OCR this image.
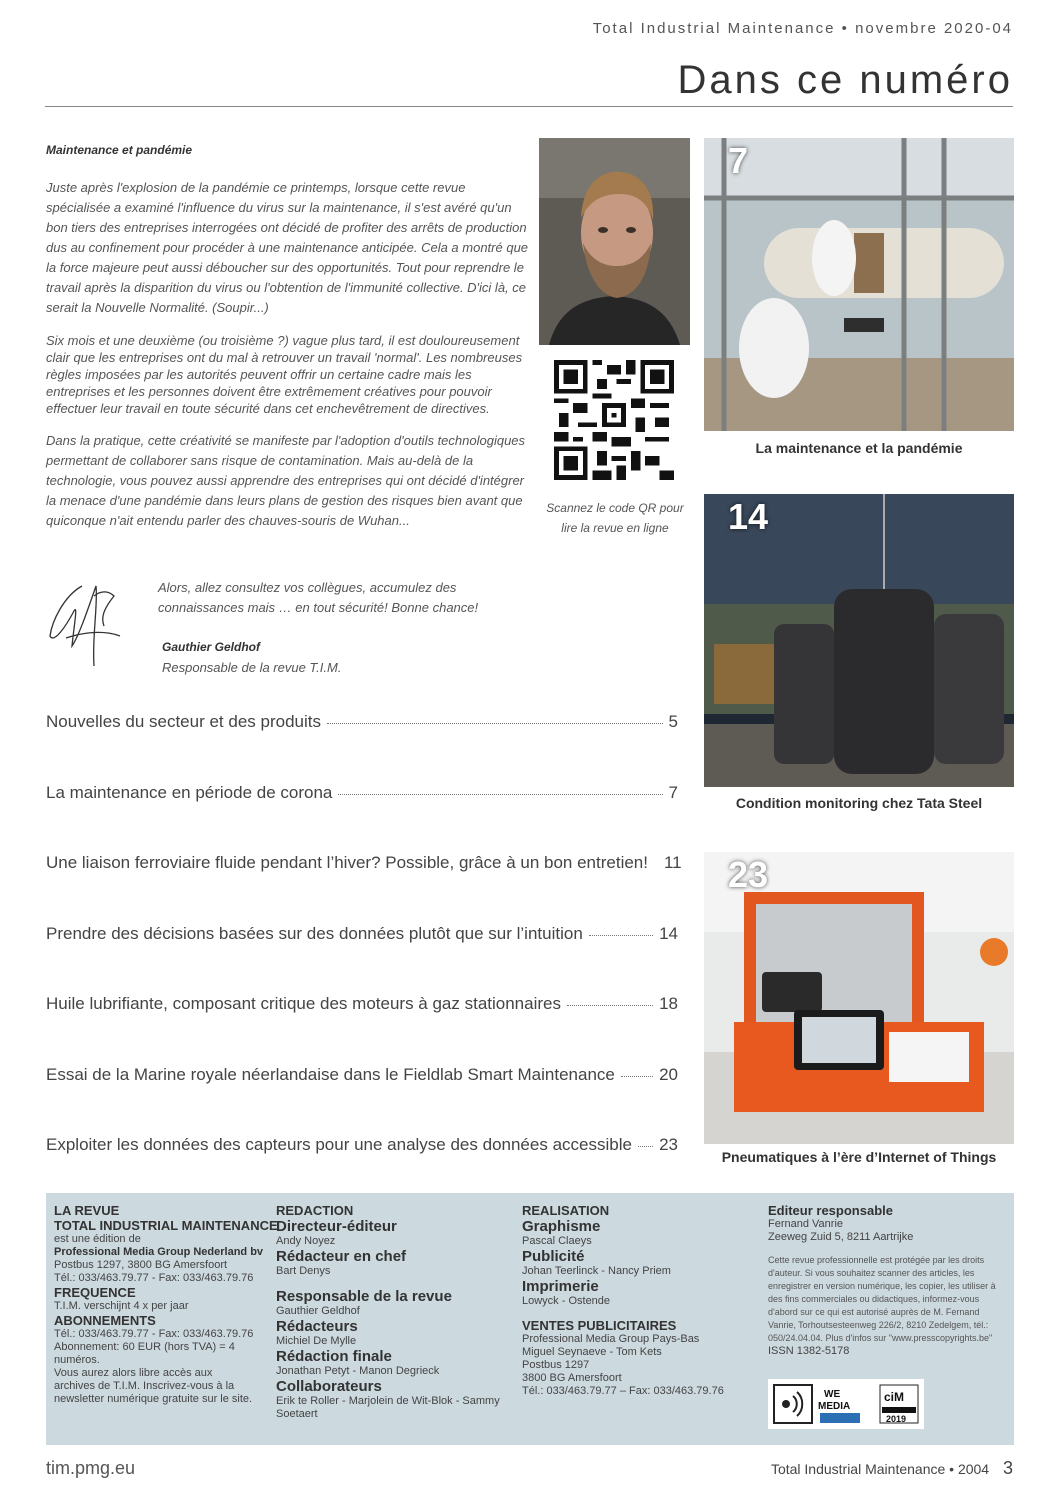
Total Industrial Maintenance • novembre 2020-04
Dans ce numéro
Maintenance et pandémie

Juste après l'explosion de la pandémie ce printemps, lorsque cette revue spécialisée a examiné l'influence du virus sur la maintenance, il s'est avéré qu'un bon tiers des entreprises interrogées ont décidé de profiter des arrêts de production dus au confinement pour procéder à une maintenance anticipée. Cela a montré que la force majeure peut aussi déboucher sur des opportunités. Tout pour reprendre le travail après la disparition du virus ou l'obtention de l'immunité collective. D'ici là, ce serait la Nouvelle Normalité. (Soupir...)

Six mois et une deuxième (ou troisième ?) vague plus tard, il est douloureusement clair que les entreprises ont du mal à retrouver un travail 'normal'. Les nombreuses règles imposées par les autorités peuvent offrir un certaine cadre mais les entreprises et les personnes doivent être extrêmement créatives pour pouvoir effectuer leur travail en toute sécurité dans cet enchevêtrement de directives.

Dans la pratique, cette créativité se manifeste par l'adoption d'outils technologiques permettant de collaborer sans risque de contamination. Mais au-delà de la technologie, vous pouvez aussi apprendre des entreprises qui ont décidé d'intégrer la menace d'une pandémie dans leurs plans de gestion des risques bien avant que quiconque n'ait entendu parler des chauves-souris de Wuhan...

Alors, allez consultez vos collègues, accumulez des connaissances mais … en tout sécurité! Bonne chance!
Gauthier Geldhof
Responsable de la revue T.I.M.
Scannez le code QR pour lire la revue en ligne
7
La maintenance et la pandémie
14
Condition monitoring chez Tata Steel
23
Pneumatiques à l’ère d’Internet of Things
Nouvelles du secteur et des produits	5
La maintenance en période de corona	7
Une liaison ferroviaire fluide pendant l’hiver? Possible, grâce à un bon entretien! 11
Prendre des décisions basées sur des données plutôt que sur l’intuition	14
Huile lubrifiante, composant critique des moteurs à gaz stationnaires	18
Essai de la Marine royale néerlandaise dans le Fieldlab Smart Maintenance	20
Exploiter les données des capteurs pour une analyse des données accessible 23
LA REVUE
TOTAL INDUSTRIAL MAINTENANCE
est une édition de
Professional Media Group Nederland bv
Postbus 1297, 3800 BG Amersfoort
Tél.: 033/463.79.77 - Fax: 033/463.79.76
FREQUENCE
T.I.M. verschijnt 4 x per jaar
ABONNEMENTS
Tél.: 033/463.79.77 - Fax: 033/463.79.76
Abonnement: 60 EUR (hors TVA) = 4 numéros.
Vous aurez alors libre accès aux
archives de T.I.M. Inscrivez-vous à la
newsletter numérique gratuite sur le site.
REDACTION
Directeur-éditeur
Andy Noyez
Rédacteur en chef
Bart Denys
Responsable de la revue
Gauthier Geldhof
Rédacteurs
Michiel De Mylle
Rédaction finale
Jonathan Petyt - Manon Degrieck
Collaborateurs
Erik te Roller - Marjolein de Wit-Blok - Sammy Soetaert
REALISATION
Graphisme
Pascal Claeys
Publicité
Johan Teerlinck - Nancy Priem
Imprimerie
Lowyck - Ostende
VENTES PUBLICITAIRES
Professional Media Group Pays-Bas
Miguel Seynaeve - Tom Kets
Postbus 1297
3800 BG Amersfoort
Tél.: 033/463.79.77 – Fax: 033/463.79.76
Editeur responsable
Fernand Vanrie
Zeeweg Zuid 5, 8211 Aartrijke
Cette revue professionnelle est protégée par les droits d'auteur. Si vous souhaitez scanner des articles, les enregistrer en version numérique, les copier, les utiliser à des fins commerciales ou didactiques, informez-vous d'abord sur ce qui est autorisé auprès de M. Fernand Vanrie, Torhoutsesteenweg 226/2, 8210 Zedelgem, tél.: 050/24.04.04. Plus d'infos sur "www.presscopyrights.be"
ISSN 1382-5178
WE
MEDIA
ciM
2019
tim.pmg.eu	Total Industrial Maintenance • 2004 3
